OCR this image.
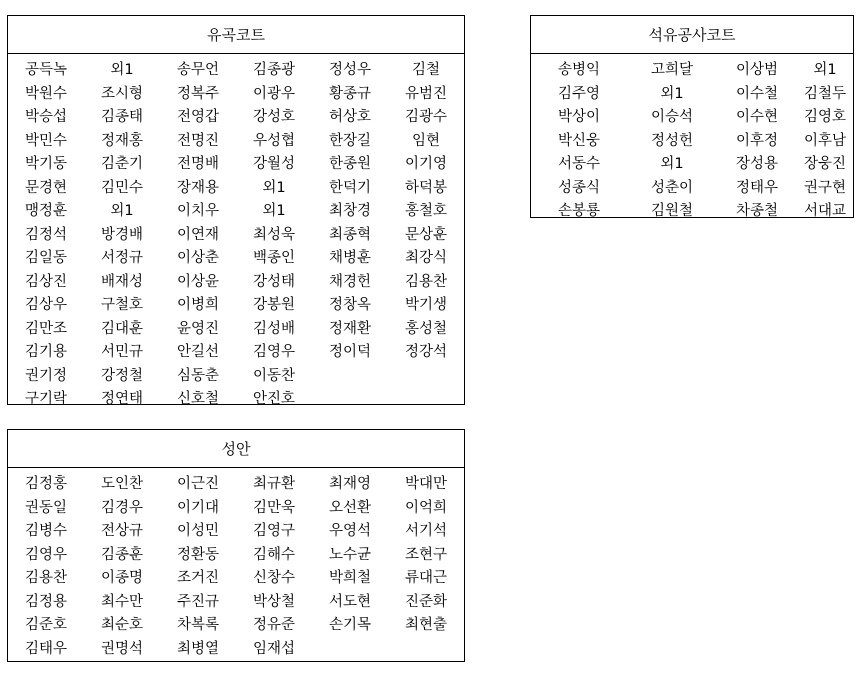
유곡코트
공득녹	외1	송무언	김종광	정성우	김철
박원수	조시형	정복주	이광우	황종규	유범진
박승섭	김종태	전영갑	강성호	허상호	김광수
박민수	정재홍	전명진	우성협	한장길	임현
박기동	김춘기	전명배	강월성	한종원	이기영
문경현	김민수	장재용	외1	한덕기	하덕봉
맹정훈	외1	이치우	외1	최창경	홍철호
김정석	방경배	이연재	최성욱	최종혁	문상훈
김일동	서정규	이상춘	백종인	채병훈	최강식
김상진	배재성	이상윤	강성태	채경헌	김용찬
김상우	구철호	이병희	강봉원	정창옥	박기생
김만조	김대훈	윤영진	김성배	정재환	홍성철
김기용	서민규	안길선	김영우	정이덕	정강석
권기정	강정철	심동춘	이동찬
구기락	정연태	신호철	안진호
석유공사코트
송병익	고희달	이상범	외1
김주영	외1	이수철	김철두
박상이	이승석	이수현	김영호
박신웅	정성헌	이후정	이후남
서동수	외1	장성용	장웅진
성종식	성춘이	정태우	권구현
손봉룡	김원철	차종철	서대교
성안
김정홍	도인찬	이근진	최규환	최재영	박대만
권동일	김경우	이기대	김만욱	오선환	이억희
김병수	전상규	이성민	김영구	우영석	서기석
김영우	김종훈	정환동	김해수	노수균	조현구
김용찬	이종명	조거진	신창수	박희철	류대근
김정용	최수만	주진규	박상철	서도현	진준화
김준호	최순호	차복록	정유준	손기목	최현출
김태우	권명석	최병열	임재섭
